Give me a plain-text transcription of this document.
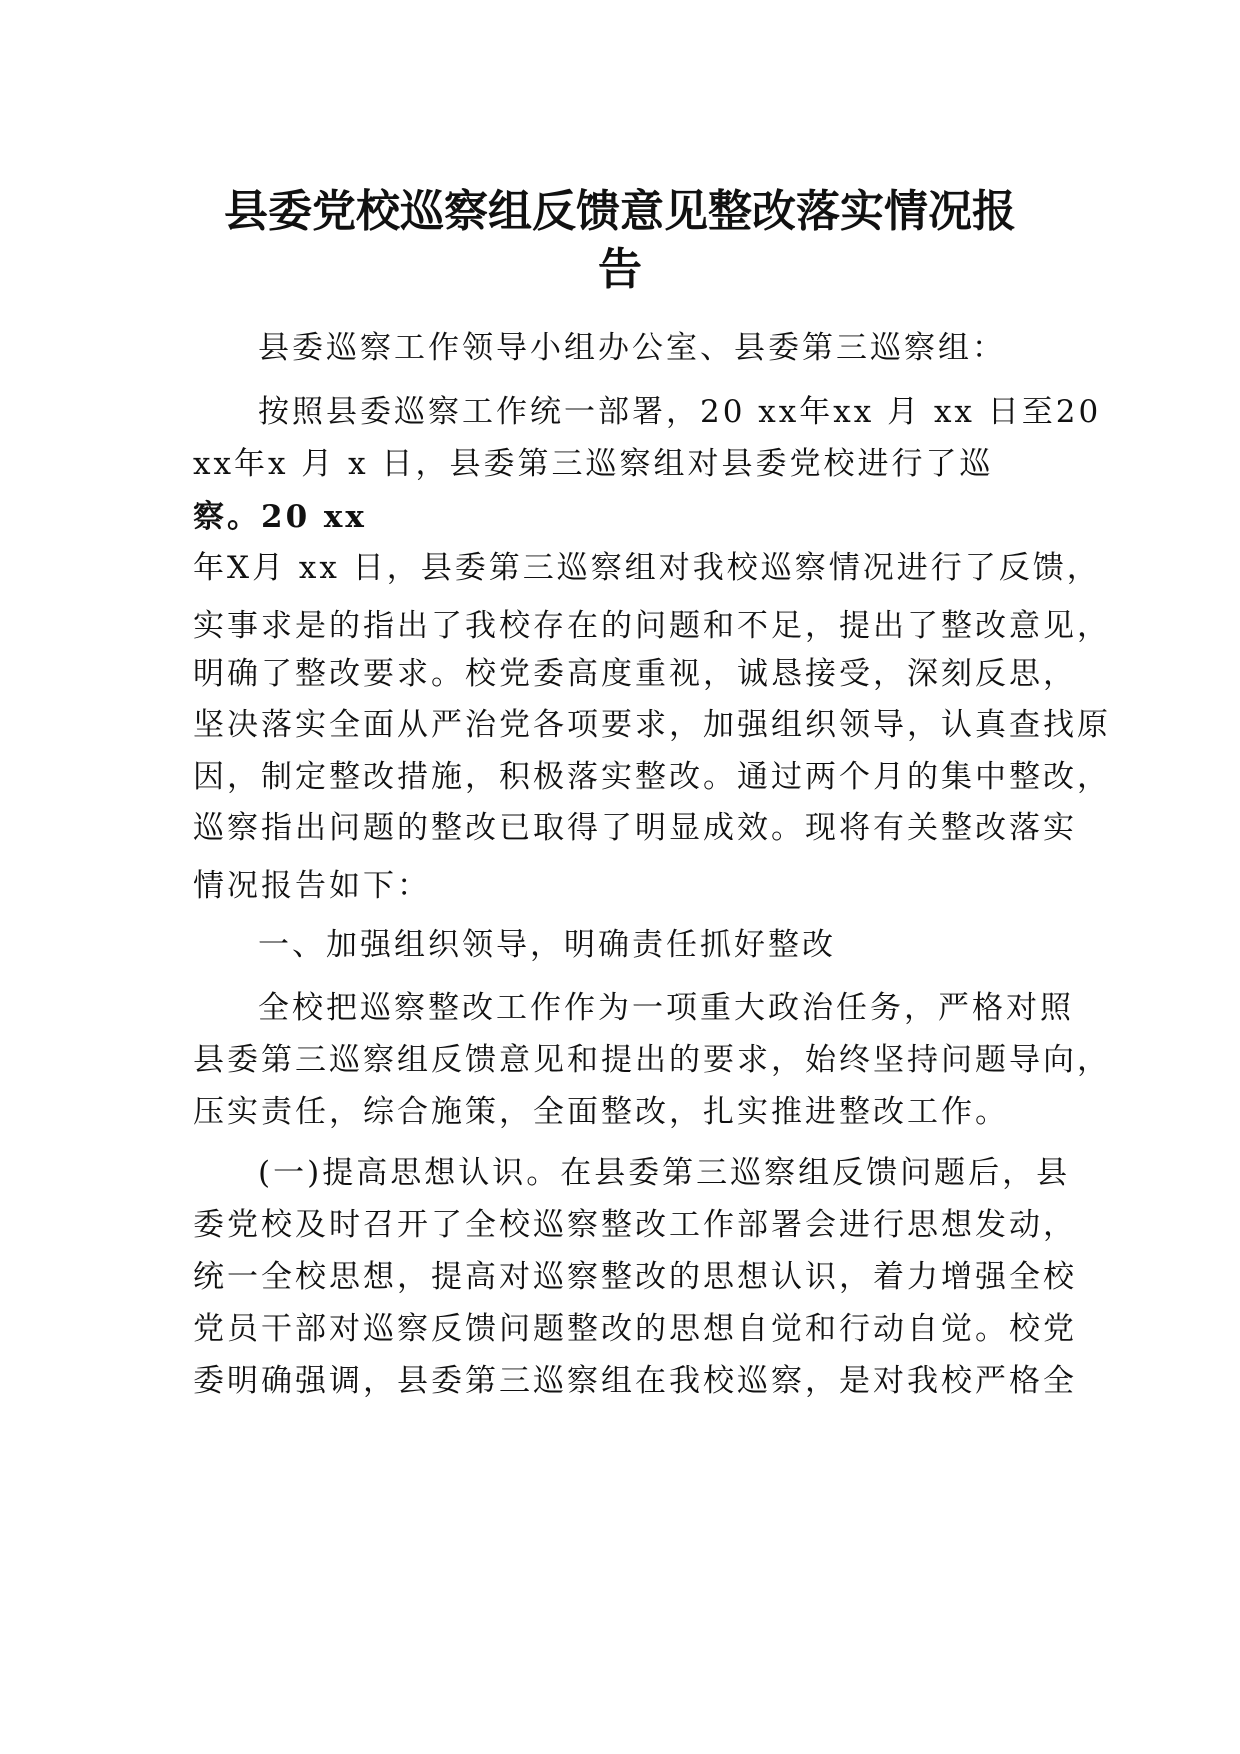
县委党校巡察组反馈意见整改落实情况报
告
县委巡察工作领导小组办公室、县委第三巡察组：
按照县委巡察工作统一部署，20 xx年xx 月 xx 日至20
xx年x 月 x 日，县委第三巡察组对县委党校进行了巡
察。20 xx
年X月 xx 日，县委第三巡察组对我校巡察情况进行了反馈，
实事求是的指出了我校存在的问题和不足，提出了整改意见，
明确了整改要求。校党委高度重视，诚恳接受，深刻反思，
坚决落实全面从严治党各项要求，加强组织领导，认真查找原
因，制定整改措施，积极落实整改。通过两个月的集中整改，
巡察指出问题的整改已取得了明显成效。现将有关整改落实
情况报告如下：
一、加强组织领导，明确责任抓好整改
全校把巡察整改工作作为一项重大政治任务，严格对照
县委第三巡察组反馈意见和提出的要求，始终坚持问题导向，
压实责任，综合施策，全面整改，扎实推进整改工作。
(一)提高思想认识。在县委第三巡察组反馈问题后，县
委党校及时召开了全校巡察整改工作部署会进行思想发动，
统一全校思想，提高对巡察整改的思想认识，着力增强全校
党员干部对巡察反馈问题整改的思想自觉和行动自觉。校党
委明确强调，县委第三巡察组在我校巡察，是对我校严格全
